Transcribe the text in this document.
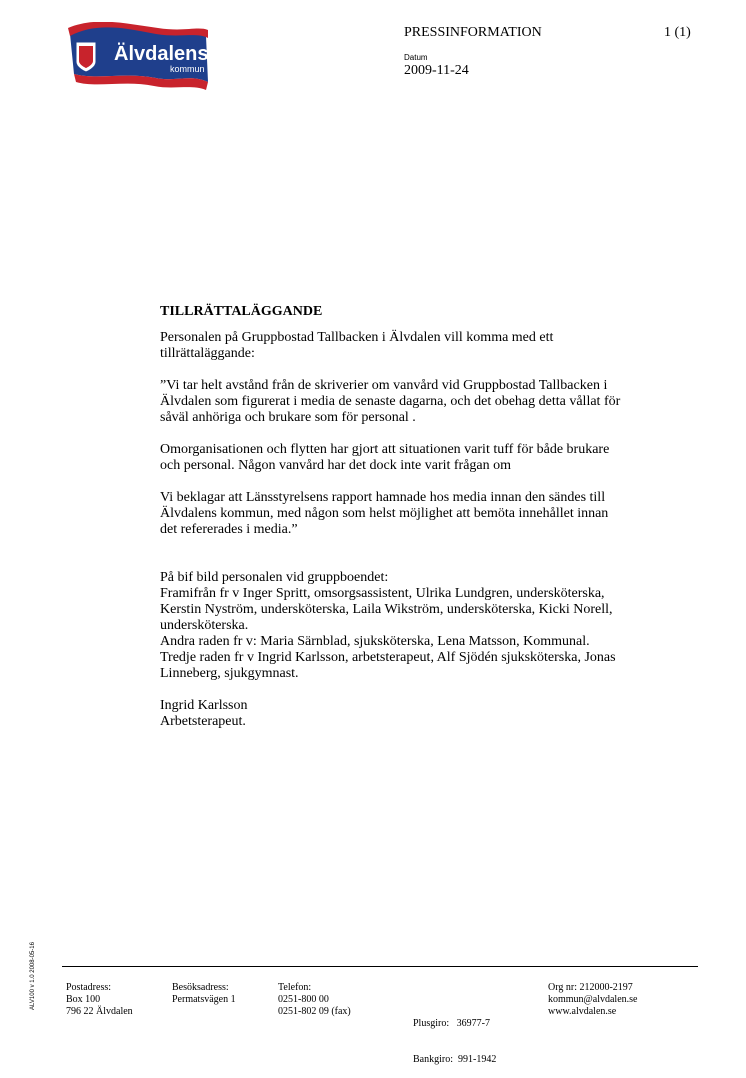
Älvdalens
kommun
PRESSINFORMATION	1 (1)
Datum
2009-11-24

TILLRÄTTALÄGGANDE

Personalen på Gruppbostad Tallbacken i Älvdalen vill komma med ett

tillrättaläggande:

”Vi tar helt avstånd från de skriverier om vanvård vid Gruppbostad Tallbacken i

Älvdalen som figurerat i media de senaste dagarna, och det obehag detta vållat för

såväl anhöriga och brukare som för personal .

Omorganisationen och flytten har gjort att situationen varit tuff för både brukare

och personal. Någon vanvård har det dock inte varit frågan om

Vi beklagar att Länsstyrelsens rapport hamnade hos media innan den sändes till

Älvdalens kommun, med någon som helst möjlighet att bemöta innehållet innan

det refererades i media.”

På bif bild personalen vid gruppboendet:

Framifrån fr v Inger Spritt, omsorgsassistent, Ulrika Lundgren, undersköterska,

Kerstin Nyström, undersköterska, Laila Wikström, undersköterska, Kicki Norell,

undersköterska.

Andra raden fr v: Maria Särnblad, sjuksköterska, Lena Matsson, Kommunal.

Tredje raden fr v Ingrid Karlsson, arbetsterapeut, Alf Sjödén sjuksköterska, Jonas

Linneberg, sjukgymnast.

Ingrid Karlsson

Arbetsterapeut.

ALV100 v 1.0 2008-05-16	Postadress:
Box 100
796 22 Älvdalen
Besöksadress:
Permatsvägen 1
Telefon:
0251-800 00
0251-802 09 (fax)

Plusgiro:   36977-7

Bankgiro:  991-1942

Org nr: 212000-2197
kommun@alvdalen.se
www.alvdalen.se
